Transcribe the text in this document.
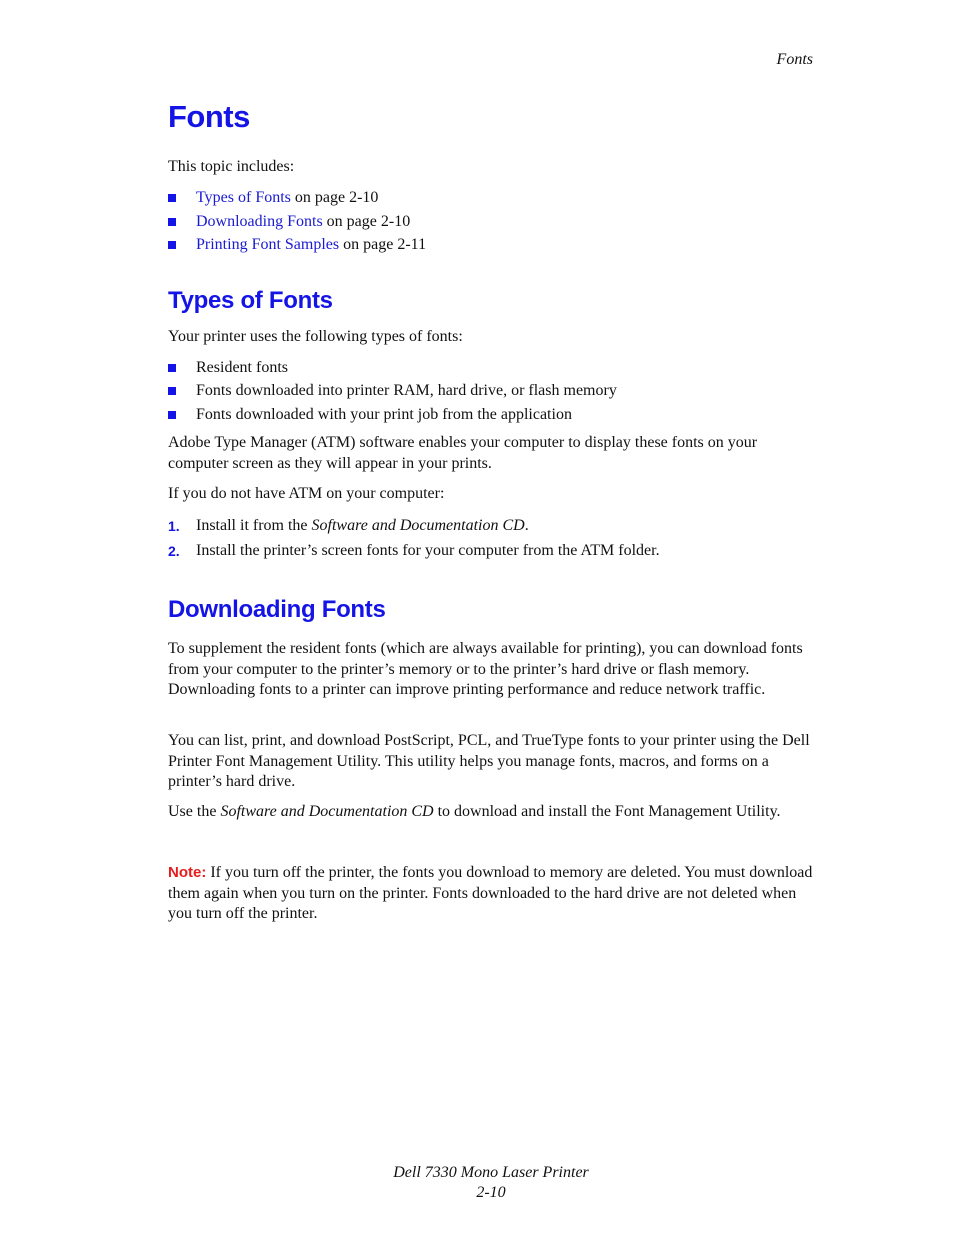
Fonts
Fonts

This topic includes:

Types of Fonts on page 2-10
Downloading Fonts on page 2-10
Printing Font Samples on page 2-11
Types of Fonts

Your printer uses the following types of fonts:

Resident fonts
Fonts downloaded into printer RAM, hard drive, or flash memory
Fonts downloaded with your print job from the application

Adobe Type Manager (ATM) software enables your computer to display these fonts on your computer screen as they will appear in your prints.

If you do not have ATM on your computer:

1. Install it from the Software and Documentation CD.
2. Install the printer’s screen fonts for your computer from the ATM folder.
Downloading Fonts

To supplement the resident fonts (which are always available for printing), you can download fonts from your computer to the printer’s memory or to the printer’s hard drive or flash memory. Downloading fonts to a printer can improve printing performance and reduce network traffic.

You can list, print, and download PostScript, PCL, and TrueType fonts to your printer using the Dell Printer Font Management Utility. This utility helps you manage fonts, macros, and forms on a printer’s hard drive.

Use the Software and Documentation CD to download and install the Font Management Utility.

Note: If you turn off the printer, the fonts you download to memory are deleted. You must download them again when you turn on the printer. Fonts downloaded to the hard drive are not deleted when you turn off the printer.

Dell 7330 Mono Laser Printer
2-10
